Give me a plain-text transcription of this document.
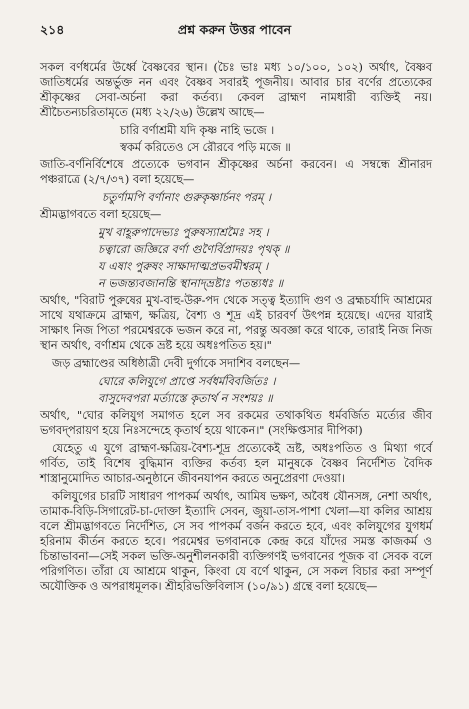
২১৪	প্রশ্ন করুন উত্তর পাবেন

সকল বর্ণধর্মের উর্ধ্বে বৈষ্ণবের স্থান। (চৈঃ ভাঃ মধ্য ১০/১০০, ১০২) অর্থাৎ, বৈষ্ণব জাতিধর্মের অন্তর্ভুক্ত নন এবং বৈষ্ণব সবারই পূজনীয়। আবার চার বর্ণের প্রত্যেকের শ্রীকৃষ্ণের সেবা-অর্চনা করা কর্তব্য। কেবল ব্রাহ্মণ নামধারী ব্যক্তিই নয়। শ্রীচৈতন্যচরিতামৃতে (মধ্য ২২/২৬) উল্লেখ আছে—

চারি বর্ণাশ্রমী যদি কৃষ্ণ নাহি ভজে ।
স্বকর্ম করিতেও সে রৌরবে পড়ি মজে ॥

জাতি-বর্ণনির্বিশেষে প্রত্যেকে ভগবান শ্রীকৃষ্ণের অর্চনা করবেন। এ সম্বন্ধে শ্রীনারদ পঞ্চরাত্রে (২/৭/৩৭) বলা হয়েছে—

চতুর্ণামপি বর্ণানাং গুরুকৃষ্ণার্চনং পরম্ ।

শ্রীমদ্ভাগবতে বলা হয়েছে—

মুখ বাহূরুপাদেভ্যঃ পুরুষস্যাশ্রমৈঃ সহ ।
চত্বারো জজ্ঞিরে বর্ণা গুণৈর্বিপ্রাদয়ঃ পৃথক্ ॥
য এষাং পুরুষং সাক্ষাদাত্মপ্রভবমীশ্বরম্ ।
ন ভজন্ত্যবজানন্তি স্থানাদ্‌ভ্রষ্টাঃ পতন্ত্যধঃ ॥

অর্থাৎ, "বিরাট পুরুষের মুখ-বাহু-উরু-পদ থেকে সত্ত্ব ইত্যাদি গুণ ও ব্রহ্মচর্যাদি আশ্রমের সাথে যথাক্রমে ব্রাহ্মণ, ক্ষত্রিয়, বৈশ্য ও শূদ্র এই চারবর্ণ উৎপন্ন হয়েছে। এদের যারাই সাক্ষাৎ নিজ পিতা পরমেশ্বরকে ভজন করে না, পরন্তু অবজ্ঞা করে থাকে, তারাই নিজ নিজ স্থান অর্থাৎ, বর্ণাশ্রম থেকে ভ্রষ্ট হয়ে অধঃপতিত হয়।"

জড় ব্রহ্মাণ্ডের অধিষ্ঠাত্রী দেবী দুর্গাকে সদাশিব বলছেন—

ঘোরে কলিযুগে প্রাপ্তে সর্বধর্মবিবর্জিতঃ ।
বাসুদেবপরা মর্ত্যাস্তে কৃতার্থ ন সংশয়ঃ ॥

অর্থাৎ, "ঘোর কলিযুগ সমাগত হলে সব রকমের তথাকথিত ধর্মবর্জিত মর্ত্যের জীব ভগবদ্‌পরায়ণ হয়ে নিঃসন্দেহে কৃতার্থ হয়ে থাকেন।" (সংক্ষিপ্তসার দীপিকা)

যেহেতু এ যুগে ব্রাহ্মণ-ক্ষত্রিয়-বৈশ্য-শূদ্র প্রত্যেকেই ভ্রষ্ট, অধঃপতিত ও মিথ্যা গর্বে গর্বিত, তাই বিশেষ বুদ্ধিমান ব্যক্তির কর্তব্য হল মানুষকে বৈষ্ণব নির্দেশিত বৈদিক শাস্ত্রানুমোদিত আচার-অনুষ্ঠানে জীবনযাপন করতে অনুপ্রেরণা দেওয়া।

কলিযুগের চারটি সাধারণ পাপকর্ম অর্থাৎ, আমিষ ভক্ষণ, অবৈধ যৌনসঙ্গ, নেশা অর্থাৎ, তামাক-বিড়ি-সিগারেট-চা-দোক্তা ইত্যাদি সেবন, জুয়া-তাস-পাশা খেলা—যা কলির আশ্রয় বলে শ্রীমদ্ভাগবতে নির্দেশিত, সে সব পাপকর্ম বর্জন করতে হবে, এবং কলিযুগের যুগধর্ম হরিনাম কীর্তন করতে হবে। পরমেশ্বর ভগবানকে কেন্দ্র করে যাঁদের সমস্ত কাজকর্ম ও চিন্তাভাবনা—সেই সকল ভক্তি-অনুশীলনকারী ব্যক্তিগণই ভগবানের পূজক বা সেবক বলে পরিগণিত। তাঁরা যে আশ্রমে থাকুন, কিংবা যে বর্ণে থাকুন, সে সকল বিচার করা সম্পূর্ণ অযৌক্তিক ও অপরাধমূলক। শ্রীহরিভক্তিবিলাস (১০/৯১) গ্রন্থে বলা হয়েছে—
